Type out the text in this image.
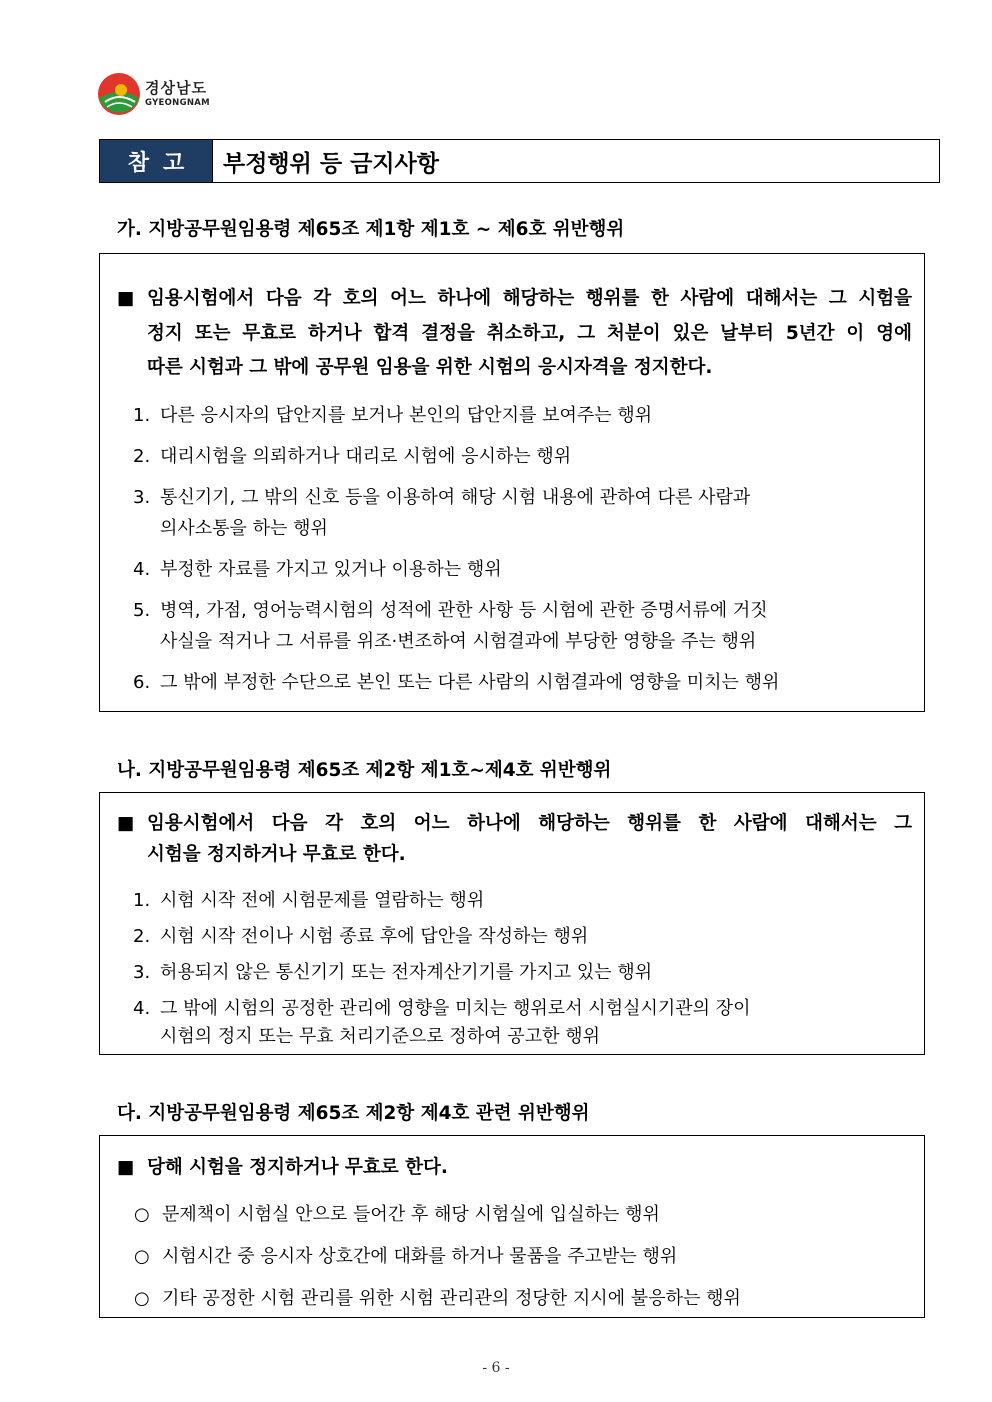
경상남도
GYEONGNAM
참고	부정행위 등 금지사항
가. 지방공무원임용령 제65조 제1항 제1호 ~ 제6호 위반행위
■ 임용시험에서 다음 각 호의 어느 하나에 해당하는 행위를 한 사람에 대해서는 그 시험을
정지 또는 무효로 하거나 합격 결정을 취소하고, 그 처분이 있은 날부터 5년간 이 영에
따른 시험과 그 밖에 공무원 임용을 위한 시험의 응시자격을 정지한다.
1. 다른 응시자의 답안지를 보거나 본인의 답안지를 보여주는 행위
2. 대리시험을 의뢰하거나 대리로 시험에 응시하는 행위
3. 통신기기, 그 밖의 신호 등을 이용하여 해당 시험 내용에 관하여 다른 사람과
의사소통을 하는 행위
4. 부정한 자료를 가지고 있거나 이용하는 행위
5. 병역, 가점, 영어능력시험의 성적에 관한 사항 등 시험에 관한 증명서류에 거짓
사실을 적거나 그 서류를 위조·변조하여 시험결과에 부당한 영향을 주는 행위
6. 그 밖에 부정한 수단으로 본인 또는 다른 사람의 시험결과에 영향을 미치는 행위
나. 지방공무원임용령 제65조 제2항 제1호~제4호 위반행위
■ 임용시험에서 다음 각 호의 어느 하나에 해당하는 행위를 한 사람에 대해서는 그
시험을 정지하거나 무효로 한다.
1. 시험 시작 전에 시험문제를 열람하는 행위
2. 시험 시작 전이나 시험 종료 후에 답안을 작성하는 행위
3. 허용되지 않은 통신기기 또는 전자계산기기를 가지고 있는 행위
4. 그 밖에 시험의 공정한 관리에 영향을 미치는 행위로서 시험실시기관의 장이
시험의 정지 또는 무효 처리기준으로 정하여 공고한 행위
다. 지방공무원임용령 제65조 제2항 제4호 관련 위반행위
■ 당해 시험을 정지하거나 무효로 한다.
○ 문제책이 시험실 안으로 들어간 후 해당 시험실에 입실하는 행위
○ 시험시간 중 응시자 상호간에 대화를 하거나 물품을 주고받는 행위
○ 기타 공정한 시험 관리를 위한 시험 관리관의 정당한 지시에 불응하는 행위
- 6 -
